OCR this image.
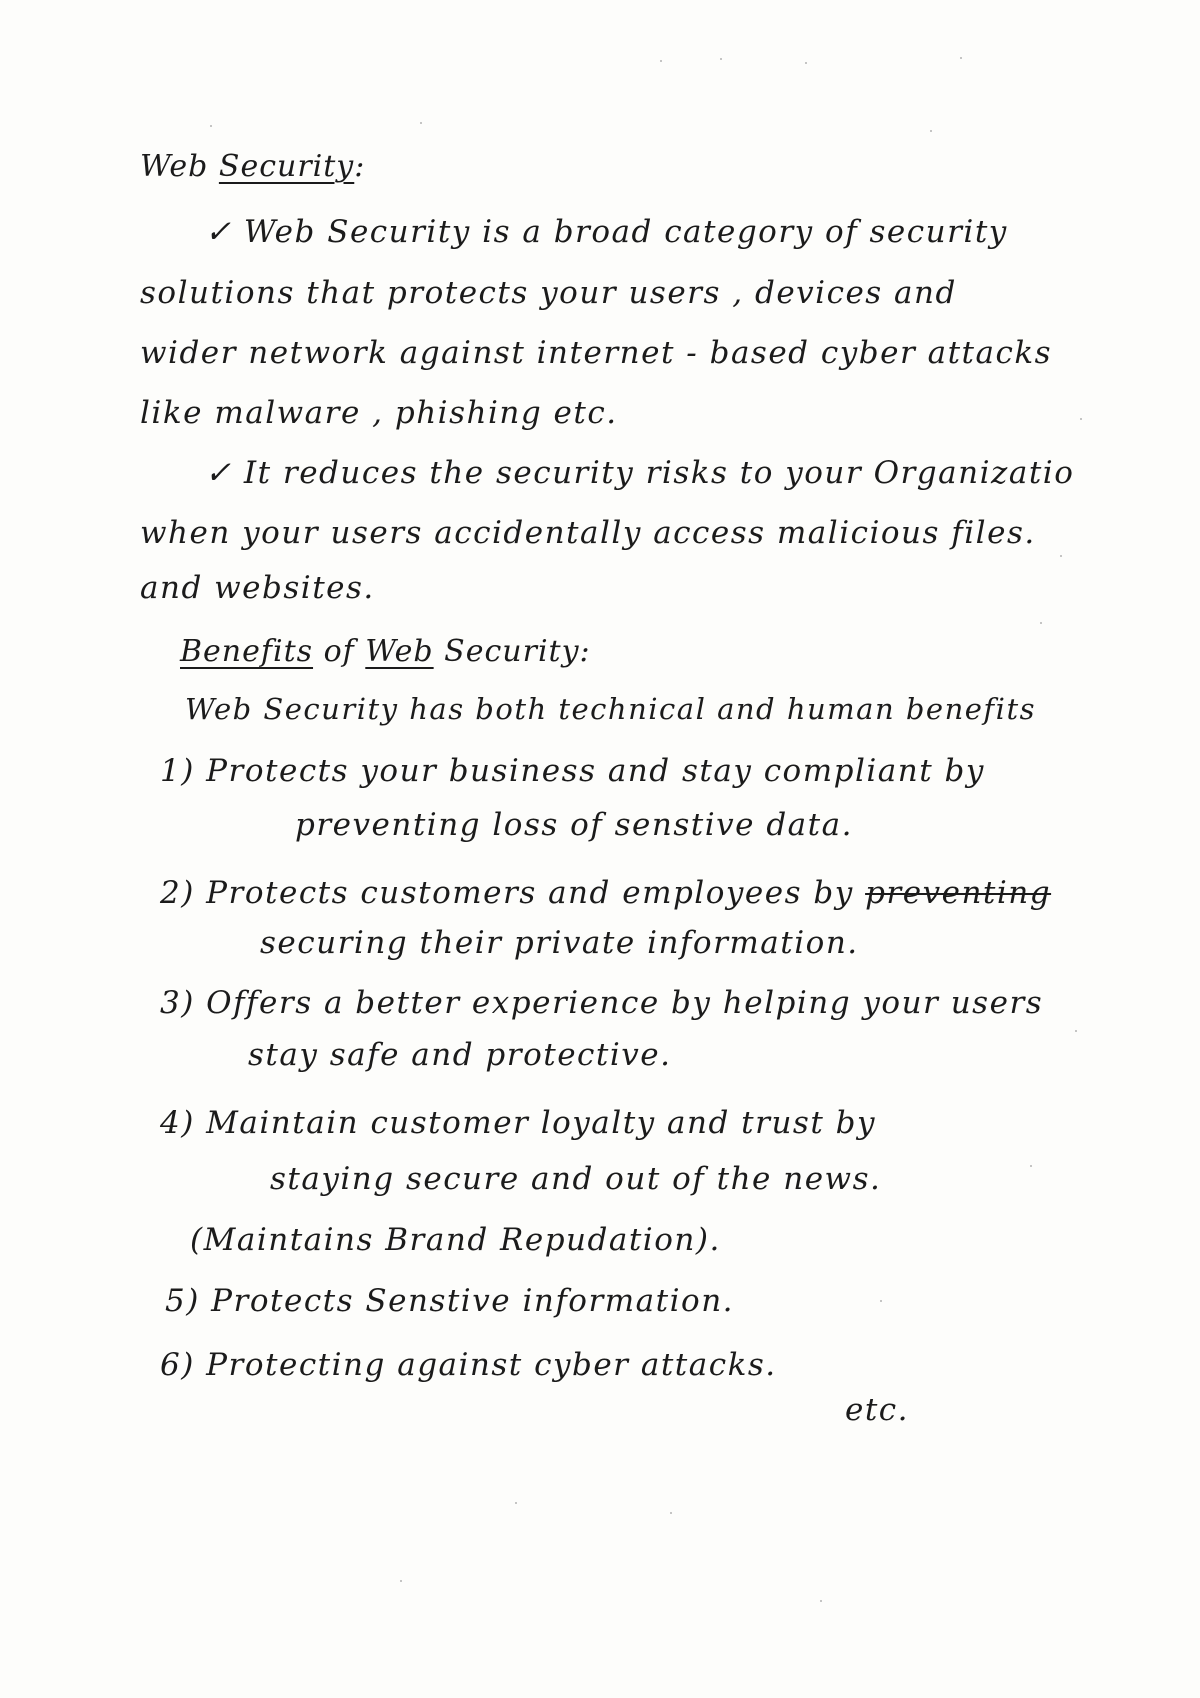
Web Security:
✓ Web Security is a broad category of security
solutions that protects your users , devices and
wider network against internet - based cyber attacks
like malware , phishing etc.
✓ It reduces the security risks to your Organizatio
when your users accidentally access malicious files.
and websites.
Benefits of Web Security:
Web Security has both technical and human benefits
1) Protects your business and stay compliant by
preventing loss of senstive data.
2) Protects customers and employees by preventing
securing their private information.
3) Offers a better experience by helping your users
stay safe and protective.
4) Maintain customer loyalty and trust by
staying secure and out of the news.
(Maintains Brand Repudation).
5) Protects Senstive information.
6) Protecting against cyber attacks.
etc.
